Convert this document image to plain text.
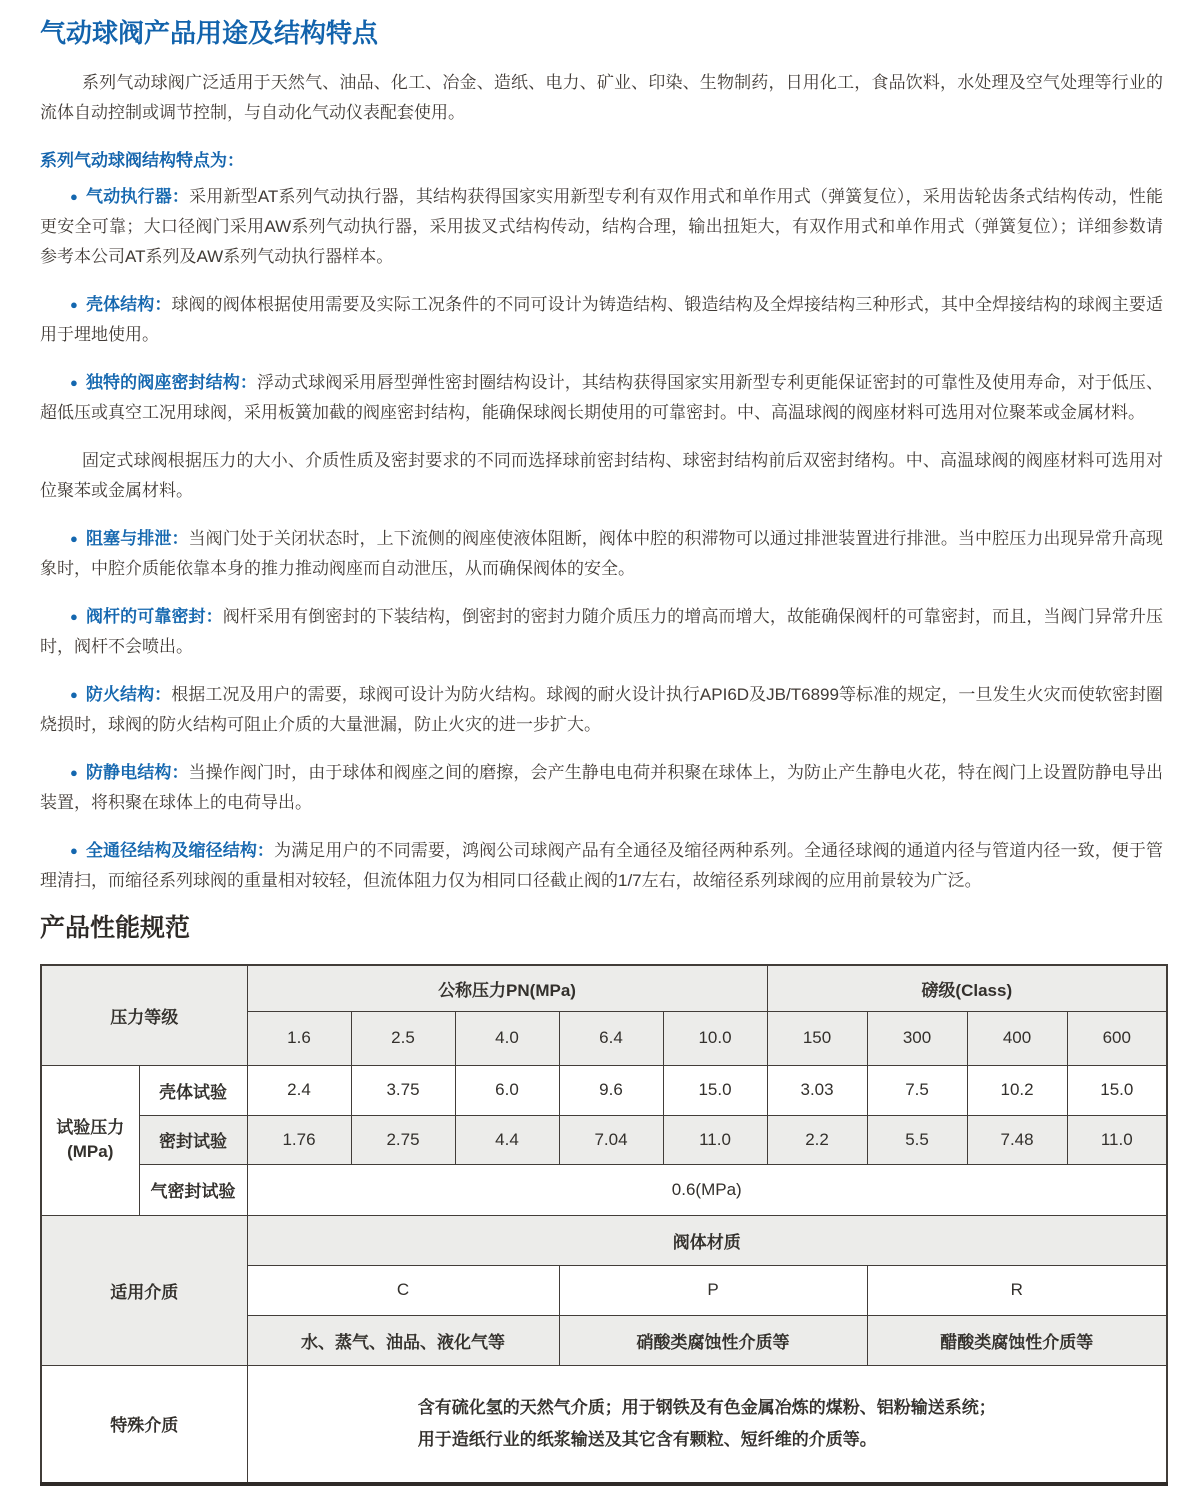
气动球阀产品用途及结构特点

系列气动球阀广泛适用于天然气、油品、化工、冶金、造纸、电力、矿业、印染、生物制药，日用化工，食品饮料，水处理及空气处理等行业的流体自动控制或调节控制，与自动化气动仪表配套使用。

系列气动球阀结构特点为：

● 气动执行器：采用新型AT系列气动执行器，其结构获得国家实用新型专利有双作用式和单作用式（弹簧复位），采用齿轮齿条式结构传动，性能更安全可靠；大口径阀门采用AW系列气动执行器，采用拔叉式结构传动，结构合理，输出扭矩大，有双作用式和单作用式（弹簧复位）；详细参数请参考本公司AT系列及AW系列气动执行器样本。

● 壳体结构：球阀的阀体根据使用需要及实际工况条件的不同可设计为铸造结构、锻造结构及全焊接结构三种形式，其中全焊接结构的球阀主要适用于埋地使用。

● 独特的阀座密封结构：浮动式球阀采用唇型弹性密封圈结构设计，其结构获得国家实用新型专利更能保证密封的可靠性及使用寿命，对于低压、超低压或真空工况用球阀，采用板簧加截的阀座密封结构，能确保球阀长期使用的可靠密封。中、高温球阀的阀座材料可选用对位聚苯或金属材料。

固定式球阀根据压力的大小、介质性质及密封要求的不同而选择球前密封结构、球密封结构前后双密封绪构。中、高温球阀的阀座材料可选用对位聚苯或金属材料。

● 阻塞与排泄：当阀门处于关闭状态时，上下流侧的阀座使液体阻断，阀体中腔的积滞物可以通过排泄装置进行排泄。当中腔压力出现异常升高现象时，中腔介质能依靠本身的推力推动阀座而自动泄压，从而确保阀体的安全。

● 阀杆的可靠密封：阀杆采用有倒密封的下装结构，倒密封的密封力随介质压力的增高而增大，故能确保阀杆的可靠密封，而且，当阀门异常升压时，阀杆不会喷出。

● 防火结构：根据工况及用户的需要，球阀可设计为防火结构。球阀的耐火设计执行API6D及JB/T6899等标准的规定，一旦发生火灾而使软密封圈烧损时，球阀的防火结构可阻止介质的大量泄漏，防止火灾的进一步扩大。

● 防静电结构：当操作阀门时，由于球体和阀座之间的磨擦，会产生静电电荷并积聚在球体上，为防止产生静电火花，特在阀门上设置防静电导出装置，将积聚在球体上的电荷导出。

● 全通径结构及缩径结构：为满足用户的不同需要，鸿阀公司球阀产品有全通径及缩径两种系列。全通径球阀的通道内径与管道内径一致，便于管理清扫，而缩径系列球阀的重量相对较轻，但流体阻力仅为相同口径截止阀的1/7左右，故缩径系列球阀的应用前景较为广泛。

产品性能规范
压力等级		公称压力PN(MPa)					磅级(Class)			
		1.6	2.5	4.0	6.4	10.0	150	300	400	600

试验压力
(MPa)	壳体试验	2.4	3.75	6.0	9.6	15.0	3.03	7.5	10.2	15.0
	密封试验	1.76	2.75	4.4	7.04	11.0	2.2	5.5	7.48	11.0
	气密封试验	0.6(MPa)								
适用介质		阀体材质								
		C			P			R		
		水、蒸气、油品、液化气等			硝酸类腐蚀性介质等			醋酸类腐蚀性介质等		
特殊介质		含有硫化氢的天然气介质；用于钢铁及有色金属冶炼的煤粉、铝粉输送系统；
用于造纸行业的纸浆输送及其它含有颗粒、短纤维的介质等。								
